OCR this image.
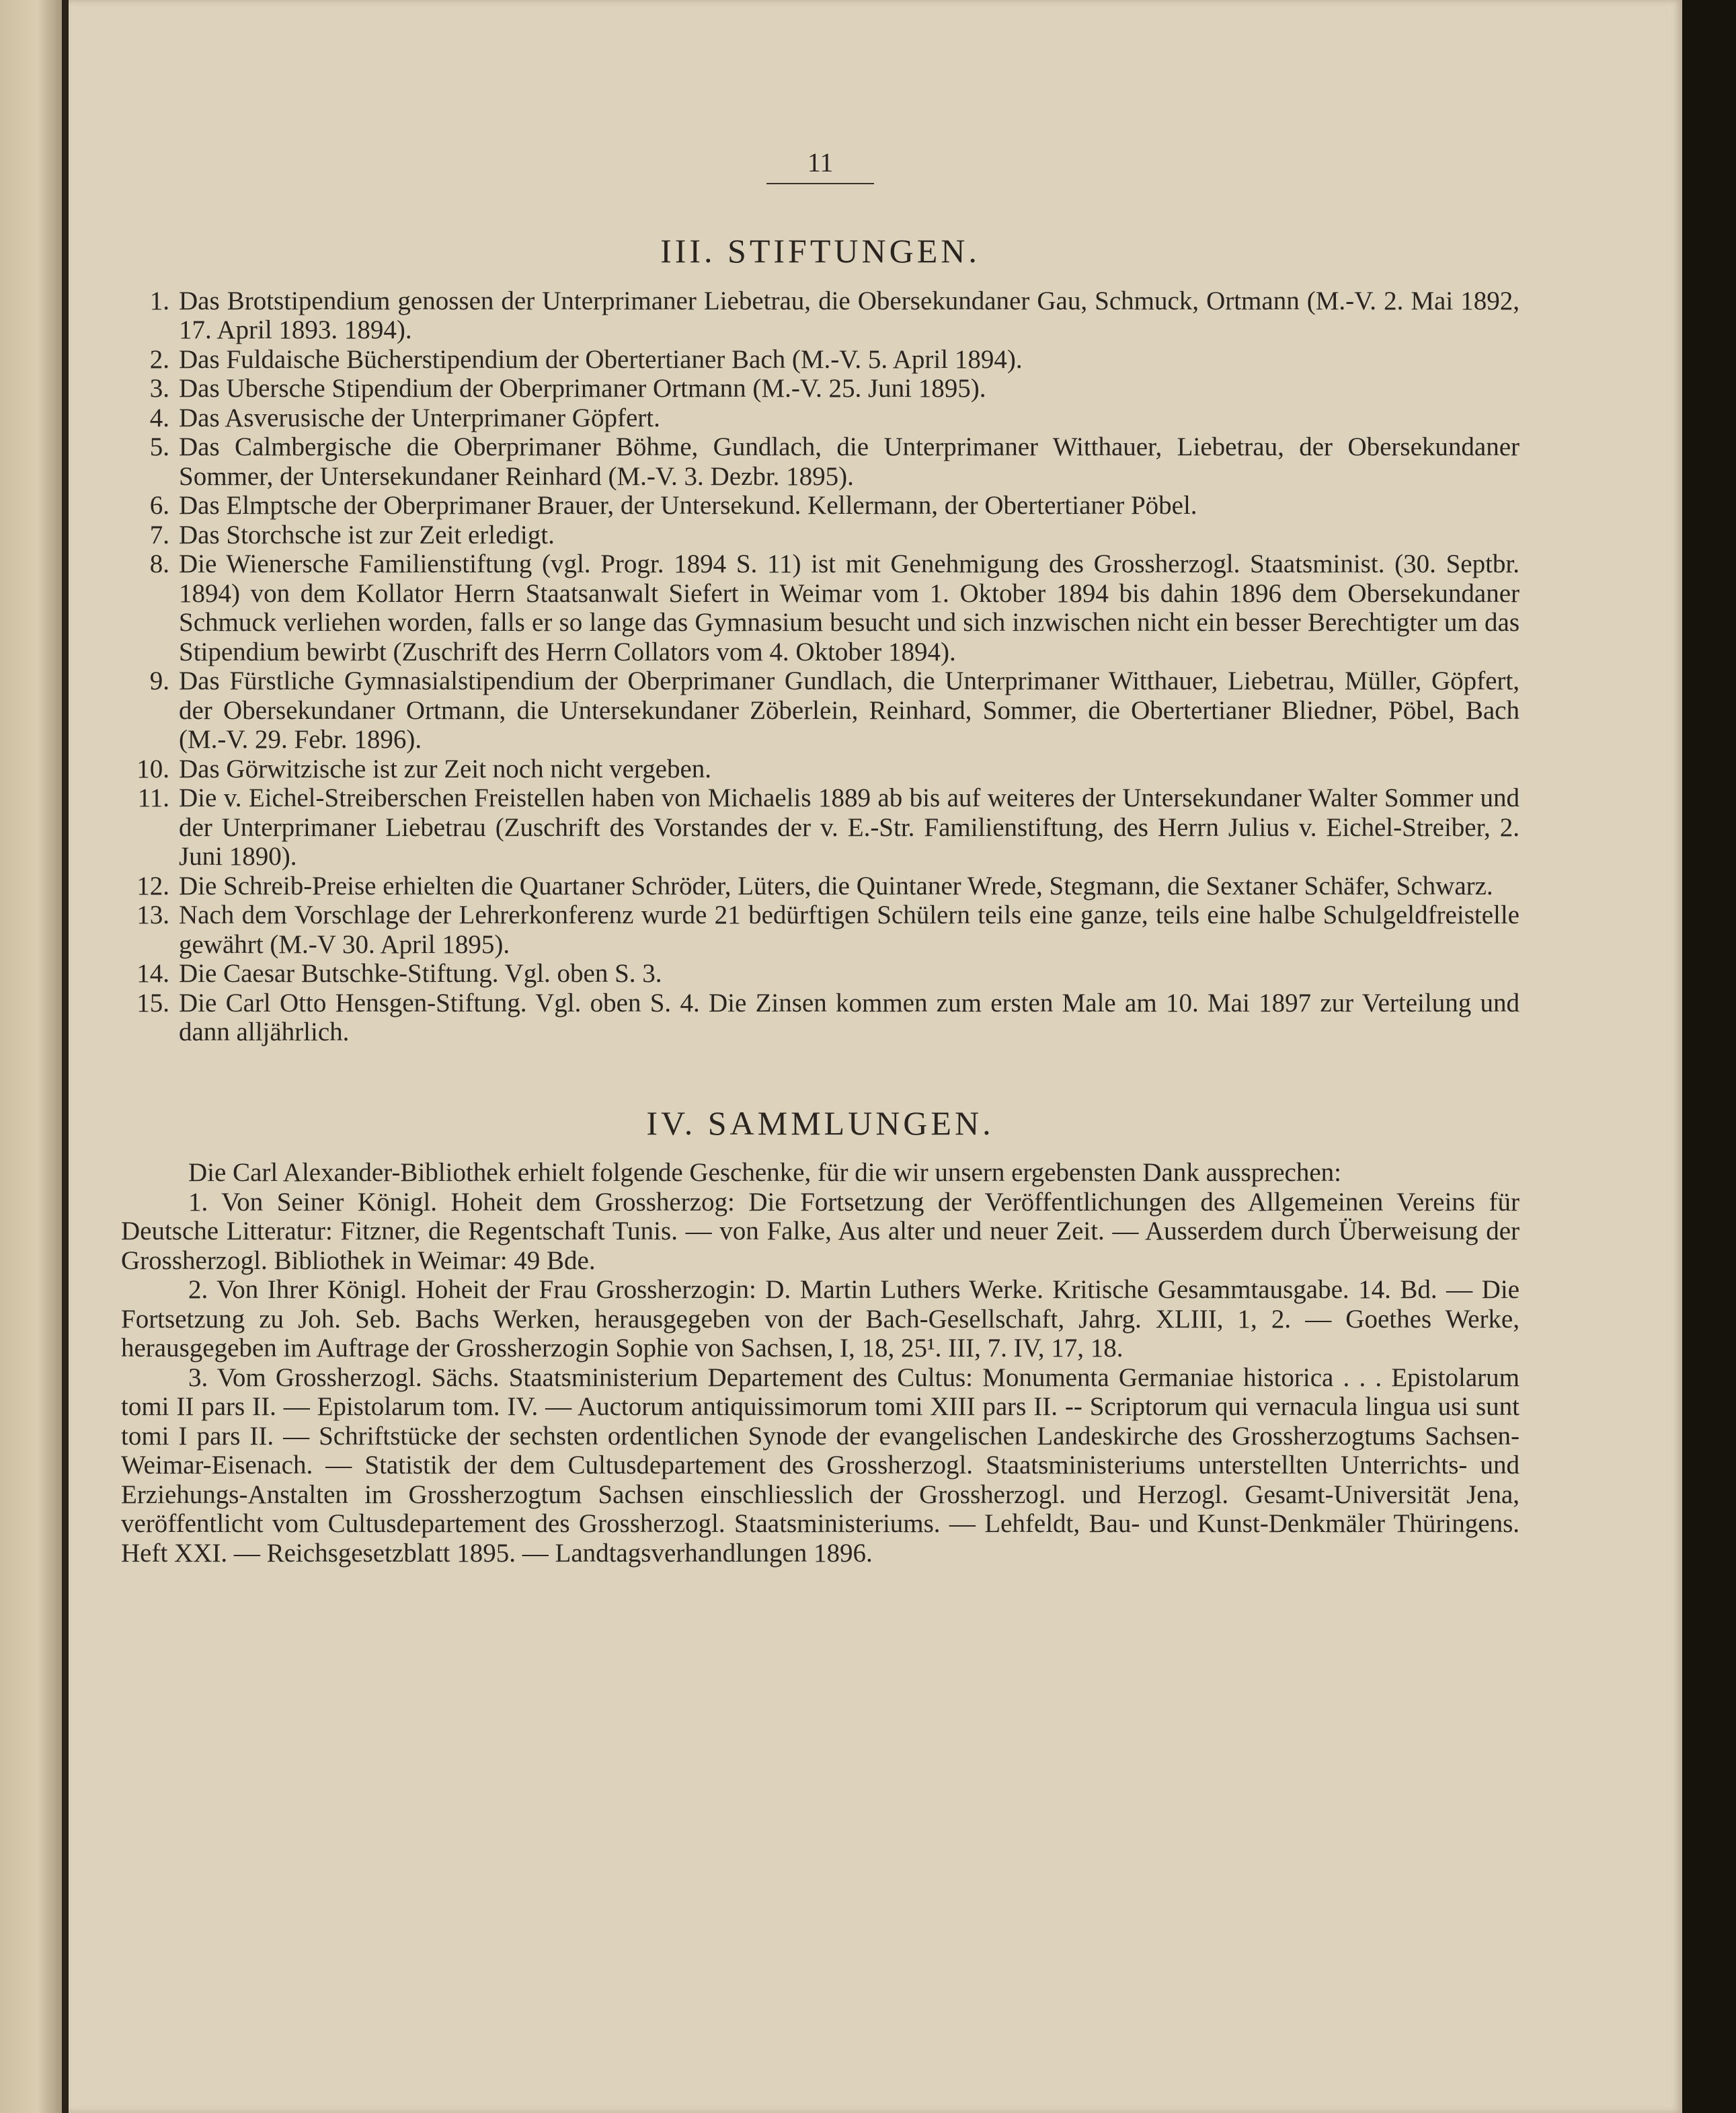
11
III. STIFTUNGEN.
1. Das Brotstipendium genossen der Unterprimaner Liebetrau, die Obersekundaner Gau, Schmuck, Ortmann (M.-V. 2. Mai 1892, 17. April 1893. 1894).
2. Das Fuldaische Bücherstipendium der Obertertianer Bach (M.-V. 5. April 1894).
3. Das Ubersche Stipendium der Oberprimaner Ortmann (M.-V. 25. Juni 1895).
4. Das Asverusische der Unterprimaner Göpfert.
5. Das Calmbergische die Oberprimaner Böhme, Gundlach, die Unterprimaner Witthauer, Liebetrau, der Obersekundaner Sommer, der Untersekundaner Reinhard (M.-V. 3. Dezbr. 1895).
6. Das Elmptsche der Oberprimaner Brauer, der Untersekund. Kellermann, der Obertertianer Pöbel.
7. Das Storchsche ist zur Zeit erledigt.
8. Die Wienersche Familienstiftung (vgl. Progr. 1894 S. 11) ist mit Genehmigung des Grossherzogl. Staatsminist. (30. Septbr. 1894) von dem Kollator Herrn Staatsanwalt Siefert in Weimar vom 1. Oktober 1894 bis dahin 1896 dem Obersekundaner Schmuck verliehen worden, falls er so lange das Gymnasium besucht und sich inzwischen nicht ein besser Berechtigter um das Stipendium bewirbt (Zuschrift des Herrn Collators vom 4. Oktober 1894).
9. Das Fürstliche Gymnasialstipendium der Oberprimaner Gundlach, die Unterprimaner Witthauer, Liebetrau, Müller, Göpfert, der Obersekundaner Ortmann, die Untersekundaner Zöberlein, Reinhard, Sommer, die Obertertianer Bliedner, Pöbel, Bach (M.-V. 29. Febr. 1896).
10. Das Görwitzische ist zur Zeit noch nicht vergeben.
11. Die v. Eichel-Streiberschen Freistellen haben von Michaelis 1889 ab bis auf weiteres der Untersekundaner Walter Sommer und der Unterprimaner Liebetrau (Zuschrift des Vorstandes der v. E.-Str. Familienstiftung, des Herrn Julius v. Eichel-Streiber, 2. Juni 1890).
12. Die Schreib-Preise erhielten die Quartaner Schröder, Lüters, die Quintaner Wrede, Stegmann, die Sextaner Schäfer, Schwarz.
13. Nach dem Vorschlage der Lehrerkonferenz wurde 21 bedürftigen Schülern teils eine ganze, teils eine halbe Schulgeldfreistelle gewährt (M.-V 30. April 1895).
14. Die Caesar Butschke-Stiftung. Vgl. oben S. 3.
15. Die Carl Otto Hensgen-Stiftung. Vgl. oben S. 4. Die Zinsen kommen zum ersten Male am 10. Mai 1897 zur Verteilung und dann alljährlich.
IV. SAMMLUNGEN.

Die Carl Alexander-Bibliothek erhielt folgende Geschenke, für die wir unsern ergebensten Dank aussprechen:

1. Von Seiner Königl. Hoheit dem Grossherzog: Die Fortsetzung der Veröffentlichungen des Allgemeinen Vereins für Deutsche Litteratur: Fitzner, die Regentschaft Tunis. — von Falke, Aus alter und neuer Zeit. — Ausserdem durch Überweisung der Grossherzogl. Bibliothek in Weimar: 49 Bde.

2. Von Ihrer Königl. Hoheit der Frau Grossherzogin: D. Martin Luthers Werke. Kritische Gesammtausgabe. 14. Bd. — Die Fortsetzung zu Joh. Seb. Bachs Werken, herausgegeben von der Bach-Gesellschaft, Jahrg. XLIII, 1, 2. — Goethes Werke, herausgegeben im Auftrage der Grossherzogin Sophie von Sachsen, I, 18, 25¹. III, 7. IV, 17, 18.

3. Vom Grossherzogl. Sächs. Staatsministerium Departement des Cultus: Monumenta Germaniae historica . . . Epistolarum tomi II pars II. — Epistolarum tom. IV. — Auctorum antiquissimorum tomi XIII pars II. -- Scriptorum qui vernacula lingua usi sunt tomi I pars II. — Schriftstücke der sechsten ordentlichen Synode der evangelischen Landeskirche des Grossherzogtums Sachsen-Weimar-Eisenach. — Statistik der dem Cultusdepartement des Grossherzogl. Staatsministeriums unterstellten Unterrichts- und Erziehungs-Anstalten im Grossherzogtum Sachsen einschliesslich der Grossherzogl. und Herzogl. Gesamt-Universität Jena, veröffentlicht vom Cultusdepartement des Grossherzogl. Staatsministeriums. — Lehfeldt, Bau- und Kunst-Denkmäler Thüringens. Heft XXI. — Reichsgesetzblatt 1895. — Landtagsverhandlungen 1896.
